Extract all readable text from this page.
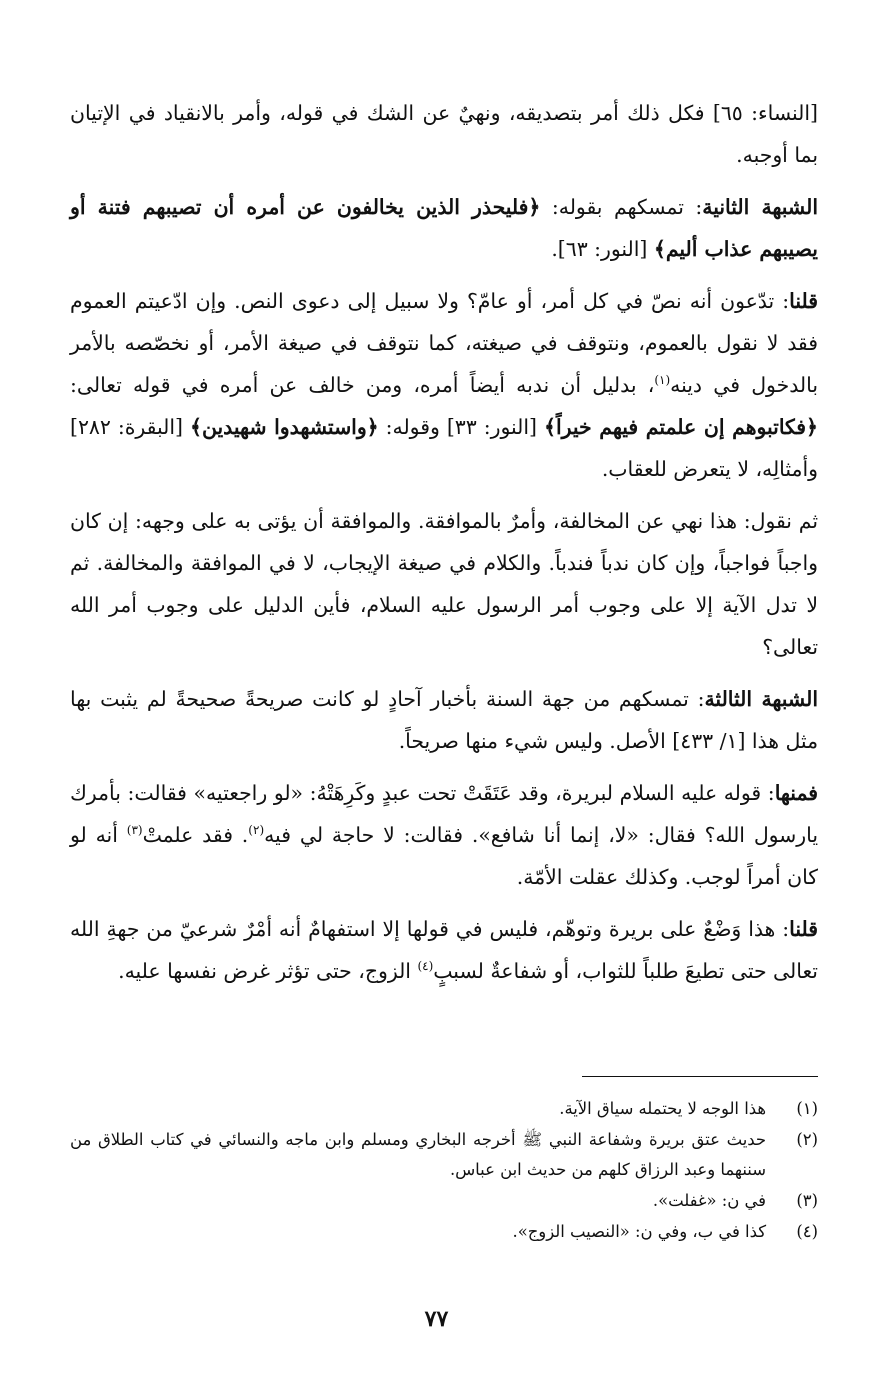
[النساء: ٦٥] فكل ذلك أمر بتصديقه، ونهيٌ عن الشك في قوله، وأمر بالانقياد في الإتيان بما أوجبه.

الشبهة الثانية: تمسكهم بقوله: ﴿فليحذر الذين يخالفون عن أمره أن تصيبهم فتنة أو يصيبهم عذاب أليم﴾ [النور: ٦٣].

قلنا: تدّعون أنه نصّ في كل أمر، أو عامّ؟ ولا سبيل إلى دعوى النص. وإن ادّعيتم العموم فقد لا نقول بالعموم، ونتوقف في صيغته، كما نتوقف في صيغة الأمر، أو نخصّصه بالأمر بالدخول في دينه$^{(١)}$، بدليل أن ندبه أيضاً أمره، ومن خالف عن أمره في قوله تعالى: ﴿فكاتبوهم إن علمتم فيهم خيراً﴾ [النور: ٣٣] وقوله: ﴿واستشهدوا شهيدين﴾ [البقرة: ٢٨٢] وأمثالِه، لا يتعرض للعقاب.

ثم نقول: هذا نهي عن المخالفة، وأمرٌ بالموافقة. والموافقة أن يؤتى به على وجهه: إن كان واجباً فواجباً، وإن كان ندباً فندباً. والكلام في صيغة الإيجاب، لا في الموافقة والمخالفة. ثم لا تدل الآية إلا على وجوب أمر الرسول عليه السلام، فأين الدليل على وجوب أمر الله تعالى؟

الشبهة الثالثة: تمسكهم من جهة السنة بأخبار آحادٍ لو كانت صريحةً صحيحةً لم يثبت بها مثل هذا [١/ ٤٣٣] الأصل. وليس شيء منها صريحاً.

فمنها: قوله عليه السلام لبريرة، وقد عَتَقَتْ تحت عبدٍ وكَرِهَتْهُ: «لو راجعتيه» فقالت: بأمرك يارسول الله؟ فقال: «لا، إنما أنا شافع». فقالت: لا حاجة لي فيه$^{(٢)}$. فقد علمتْ$^{(٣)}$ أنه لو كان أمراً لوجب. وكذلك عقلت الأمّة.

قلنا: هذا وَضْعٌ على بريرة وتوهّم، فليس في قولها إلا استفهامٌ أنه أمْرٌ شرعيّ من جهةِ الله تعالى حتى تطيعَ طلباً للثواب، أو شفاعةٌ لسببٍ$^{(٤)}$ الزوج، حتى تؤثر غرض نفسها عليه.

(١)
هذا الوجه لا يحتمله سياق الآية.
(٢)
حديث عتق بريرة وشفاعة النبي ﷺ أخرجه البخاري ومسلم وابن ماجه والنسائي في كتاب الطلاق من سننهما وعبد الرزاق كلهم من حديث ابن عباس.
(٣)
في ن: «غفلت».
(٤)
كذا في ب، وفي ن: «النصيب الزوج».
٧٧
